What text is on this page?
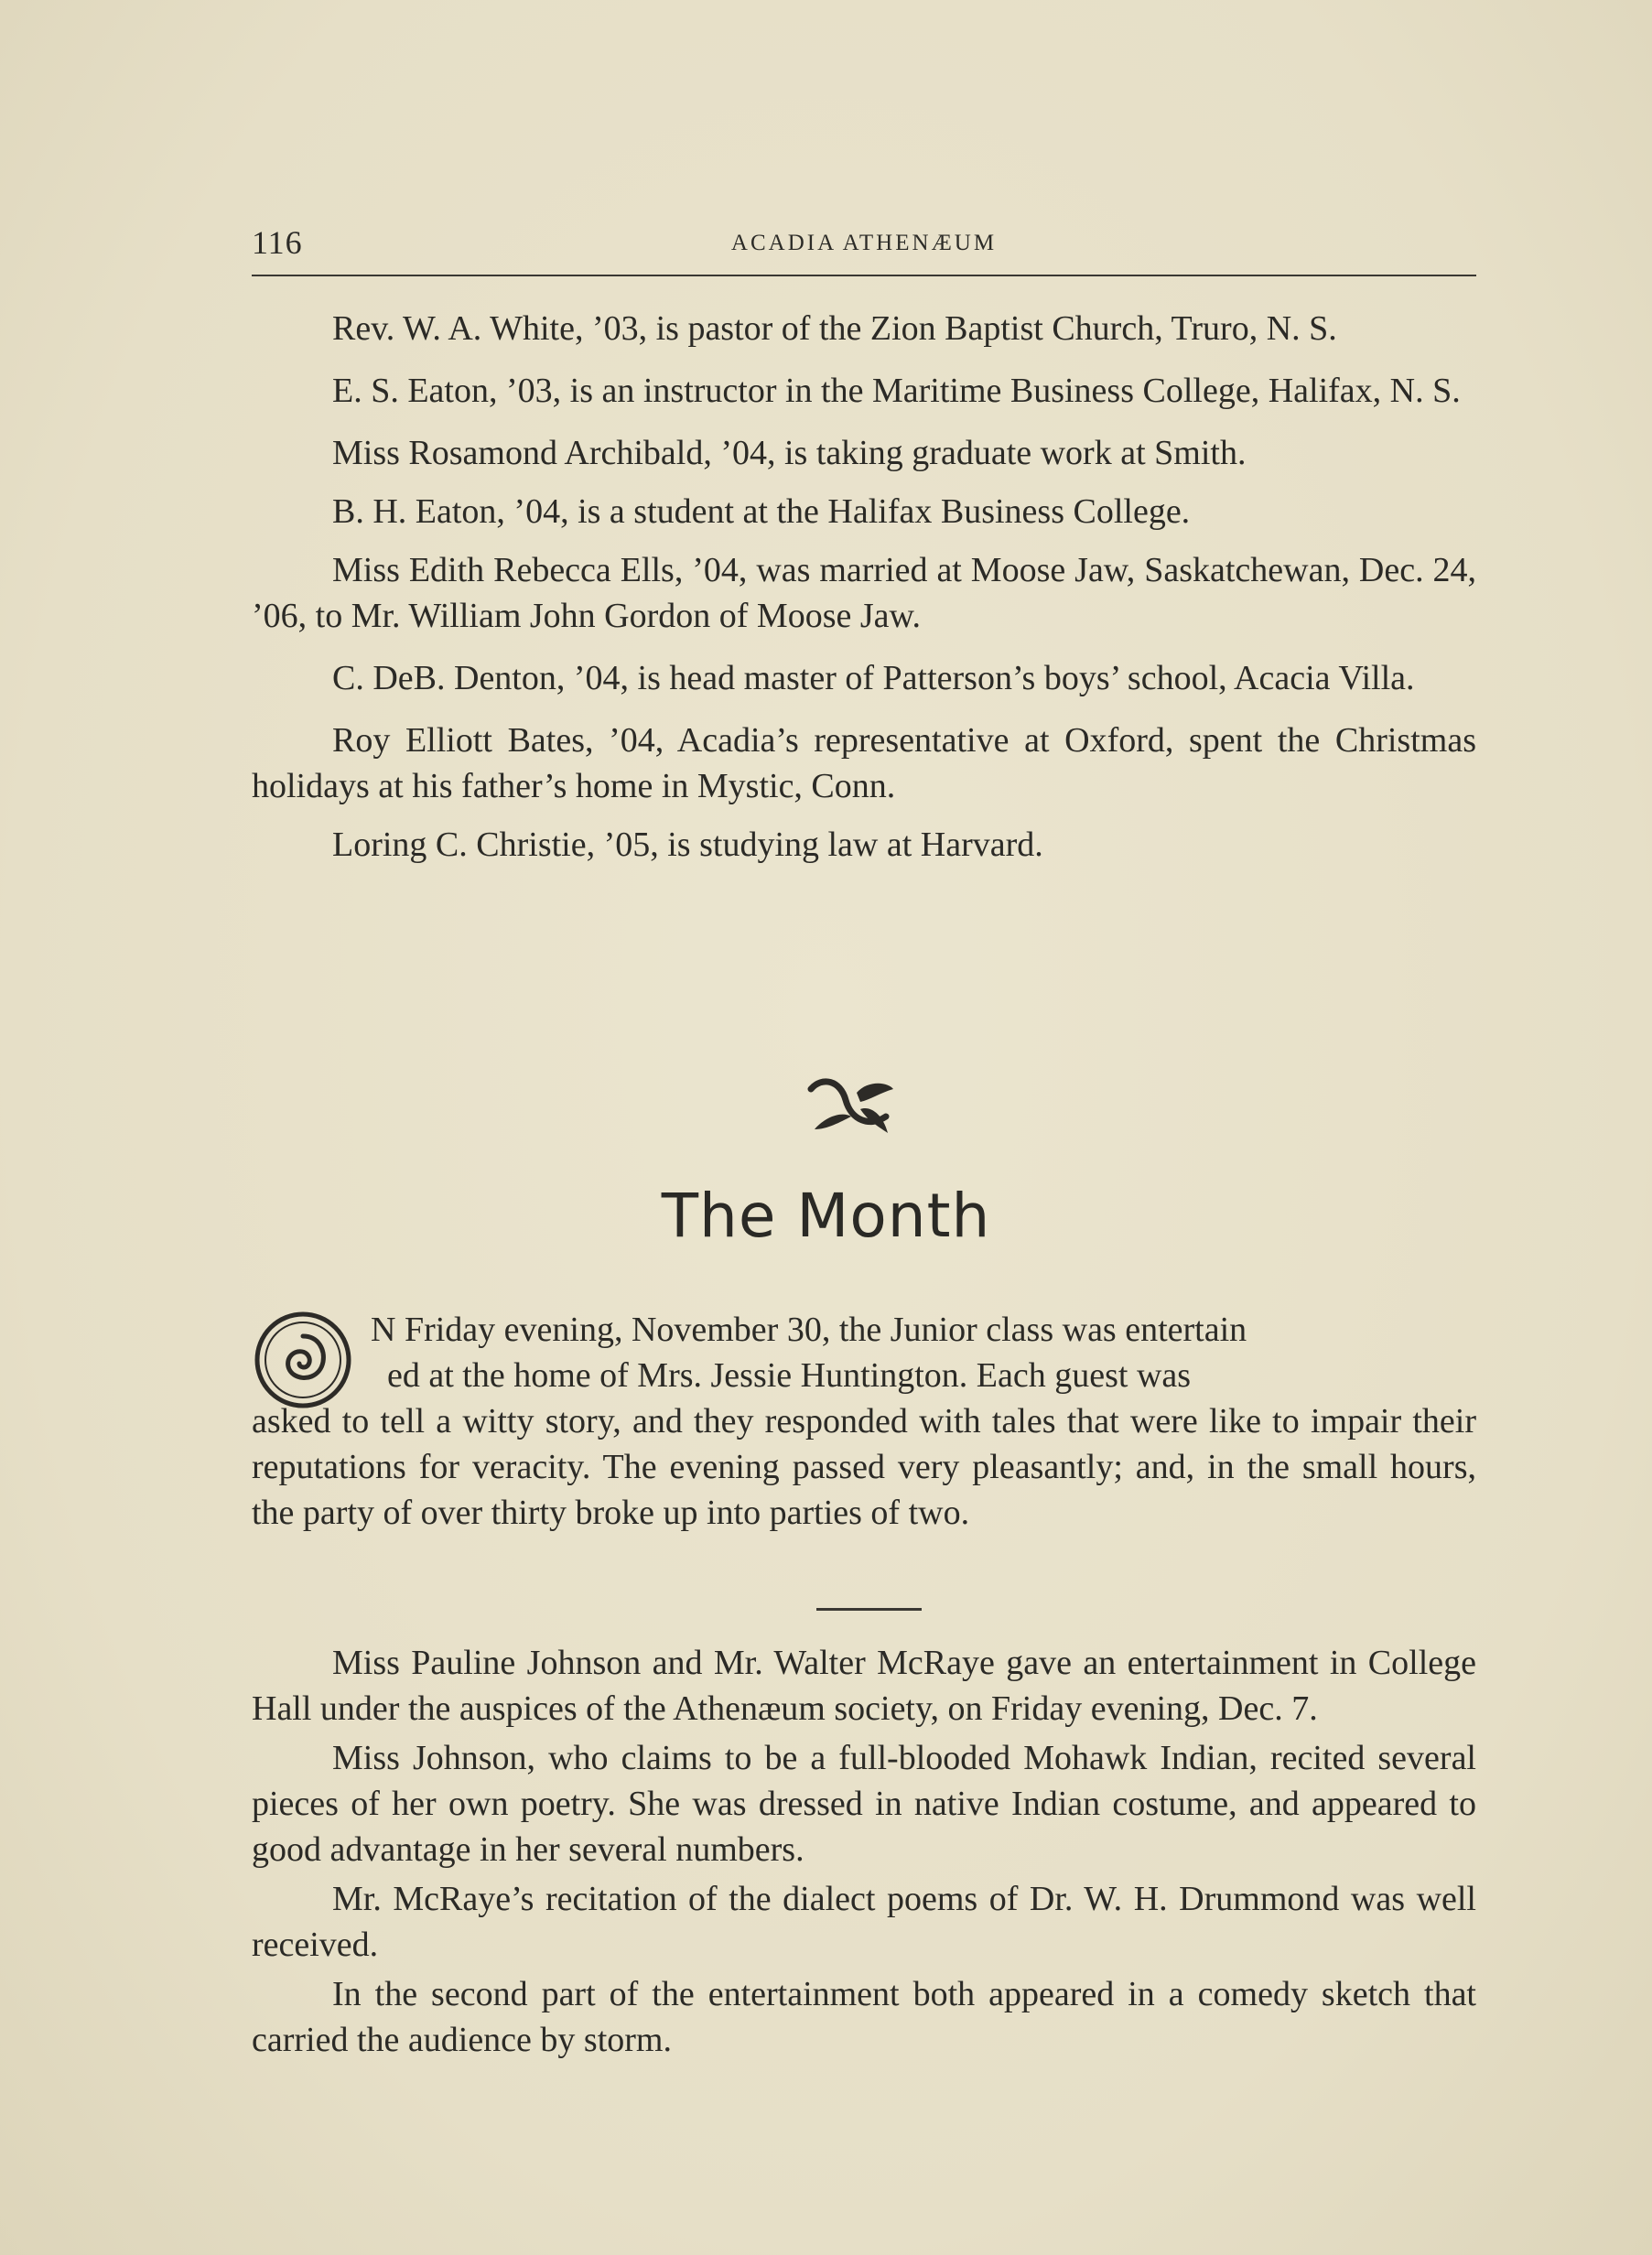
116	ACADIA ATHENÆUM

Rev. W. A. White, ’03, is pastor of the Zion Baptist Church, Truro, N. S.

E. S. Eaton, ’03, is an instructor in the Maritime Business College, Halifax, N. S.

Miss Rosamond Archibald, ’04, is taking graduate work at Smith.

B. H. Eaton, ’04, is a student at the Halifax Business College.

Miss Edith Rebecca Ells, ’04, was married at Moose Jaw, Saskatchewan, Dec. 24, ’06, to Mr. William John Gordon of Moose Jaw.

C. DeB. Denton, ’04, is head master of Patterson’s boys’ school, Acacia Villa.

Roy Elliott Bates, ’04, Acadia’s representative at Oxford, spent the Christmas holidays at his father’s home in Mystic, Conn.

Loring C. Christie, ’05, is studying law at Harvard.

The Month
N Friday evening, November 30, the Junior class was entertain
ed at the home of Mrs. Jessie Huntington. Each guest was

asked to tell a witty story, and they responded with tales that were like to impair their reputations for veracity. The evening passed very pleasantly; and, in the small hours, the party of over thirty broke up into parties of two.

Miss Pauline Johnson and Mr. Walter McRaye gave an entertainment in College Hall under the auspices of the Athenæum society, on Friday evening, Dec. 7.

Miss Johnson, who claims to be a full-blooded Mohawk Indian, recited several pieces of her own poetry. She was dressed in native Indian costume, and appeared to good advantage in her several numbers.

Mr. McRaye’s recitation of the dialect poems of Dr. W. H. Drummond was well received.

In the second part of the entertainment both appeared in a comedy sketch that carried the audience by storm.
